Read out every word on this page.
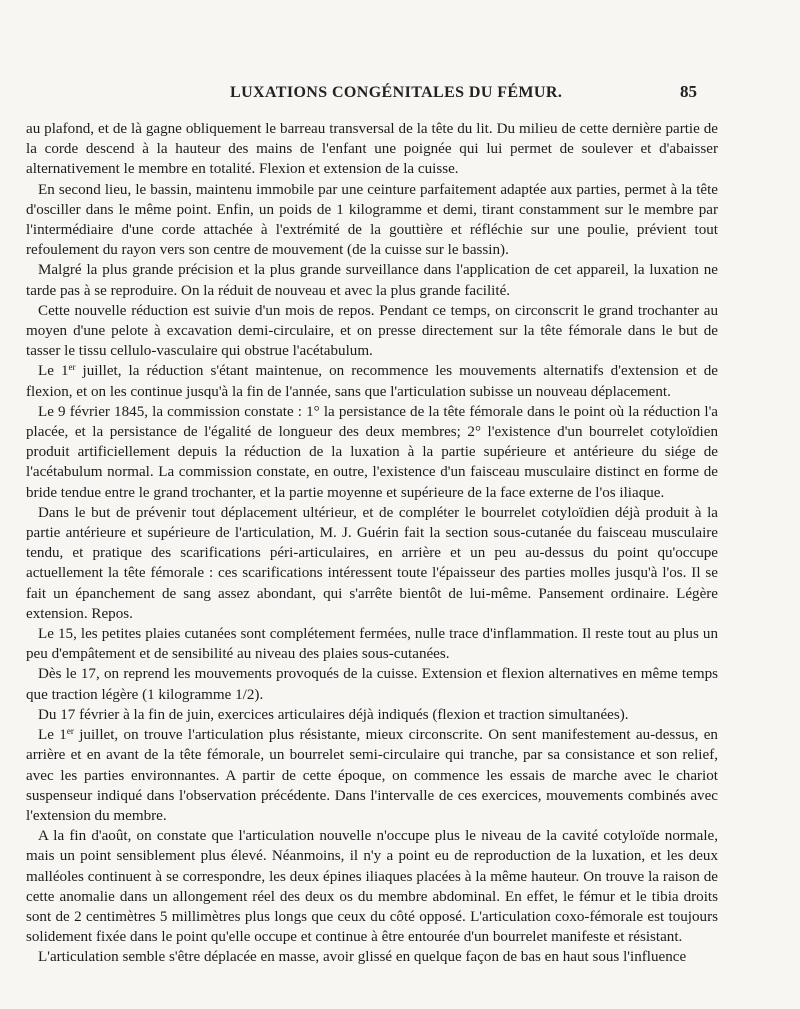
LUXATIONS CONGÉNITALES DU FÉMUR.	85

au plafond, et de là gagne obliquement le barreau transversal de la tête du lit. Du milieu de cette dernière partie de la corde descend à la hauteur des mains de l'enfant une poignée qui lui permet de soulever et d'abaisser alternativement le membre en totalité. Flexion et extension de la cuisse.

En second lieu, le bassin, maintenu immobile par une ceinture parfaitement adaptée aux parties, permet à la tête d'osciller dans le même point. Enfin, un poids de 1 kilogramme et demi, tirant constamment sur le membre par l'intermédiaire d'une corde attachée à l'extrémité de la gouttière et réfléchie sur une poulie, prévient tout refoulement du rayon vers son centre de mouvement (de la cuisse sur le bassin).

Malgré la plus grande précision et la plus grande surveillance dans l'application de cet appareil, la luxation ne tarde pas à se reproduire. On la réduit de nouveau et avec la plus grande facilité.

Cette nouvelle réduction est suivie d'un mois de repos. Pendant ce temps, on circonscrit le grand trochanter au moyen d'une pelote à excavation demi-circulaire, et on presse directement sur la tête fémorale dans le but de tasser le tissu cellulo-vasculaire qui obstrue l'acétabulum.

Le 1er juillet, la réduction s'étant maintenue, on recommence les mouvements alternatifs d'extension et de flexion, et on les continue jusqu'à la fin de l'année, sans que l'articulation subisse un nouveau déplacement.

Le 9 février 1845, la commission constate : 1° la persistance de la tête fémorale dans le point où la réduction l'a placée, et la persistance de l'égalité de longueur des deux membres; 2° l'existence d'un bourrelet cotyloïdien produit artificiellement depuis la réduction de la luxation à la partie supérieure et antérieure du siége de l'acétabulum normal. La commission constate, en outre, l'existence d'un faisceau musculaire distinct en forme de bride tendue entre le grand trochanter, et la partie moyenne et supérieure de la face externe de l'os iliaque.

Dans le but de prévenir tout déplacement ultérieur, et de compléter le bourrelet cotyloïdien déjà produit à la partie antérieure et supérieure de l'articulation, M. J. Guérin fait la section sous-cutanée du faisceau musculaire tendu, et pratique des scarifications péri-articulaires, en arrière et un peu au-dessus du point qu'occupe actuellement la tête fémorale : ces scarifications intéressent toute l'épaisseur des parties molles jusqu'à l'os. Il se fait un épanchement de sang assez abondant, qui s'arrête bientôt de lui-même. Pansement ordinaire. Légère extension. Repos.

Le 15, les petites plaies cutanées sont complétement fermées, nulle trace d'inflammation. Il reste tout au plus un peu d'empâtement et de sensibilité au niveau des plaies sous-cutanées.

Dès le 17, on reprend les mouvements provoqués de la cuisse. Extension et flexion alternatives en même temps que traction légère (1 kilogramme 1/2).

Du 17 février à la fin de juin, exercices articulaires déjà indiqués (flexion et traction simultanées).

Le 1er juillet, on trouve l'articulation plus résistante, mieux circonscrite. On sent manifestement au-dessus, en arrière et en avant de la tête fémorale, un bourrelet semi-circulaire qui tranche, par sa consistance et son relief, avec les parties environnantes. A partir de cette époque, on commence les essais de marche avec le chariot suspenseur indiqué dans l'observation précédente. Dans l'intervalle de ces exercices, mouvements combinés avec l'extension du membre.

A la fin d'août, on constate que l'articulation nouvelle n'occupe plus le niveau de la cavité cotyloïde normale, mais un point sensiblement plus élevé. Néanmoins, il n'y a point eu de reproduction de la luxation, et les deux malléoles continuent à se correspondre, les deux épines iliaques placées à la même hauteur. On trouve la raison de cette anomalie dans un allongement réel des deux os du membre abdominal. En effet, le fémur et le tibia droits sont de 2 centimètres 5 millimètres plus longs que ceux du côté opposé. L'articulation coxo-fémorale est toujours solidement fixée dans le point qu'elle occupe et continue à être entourée d'un bourrelet manifeste et résistant.

L'articulation semble s'être déplacée en masse, avoir glissé en quelque façon de bas en haut sous l'influence
